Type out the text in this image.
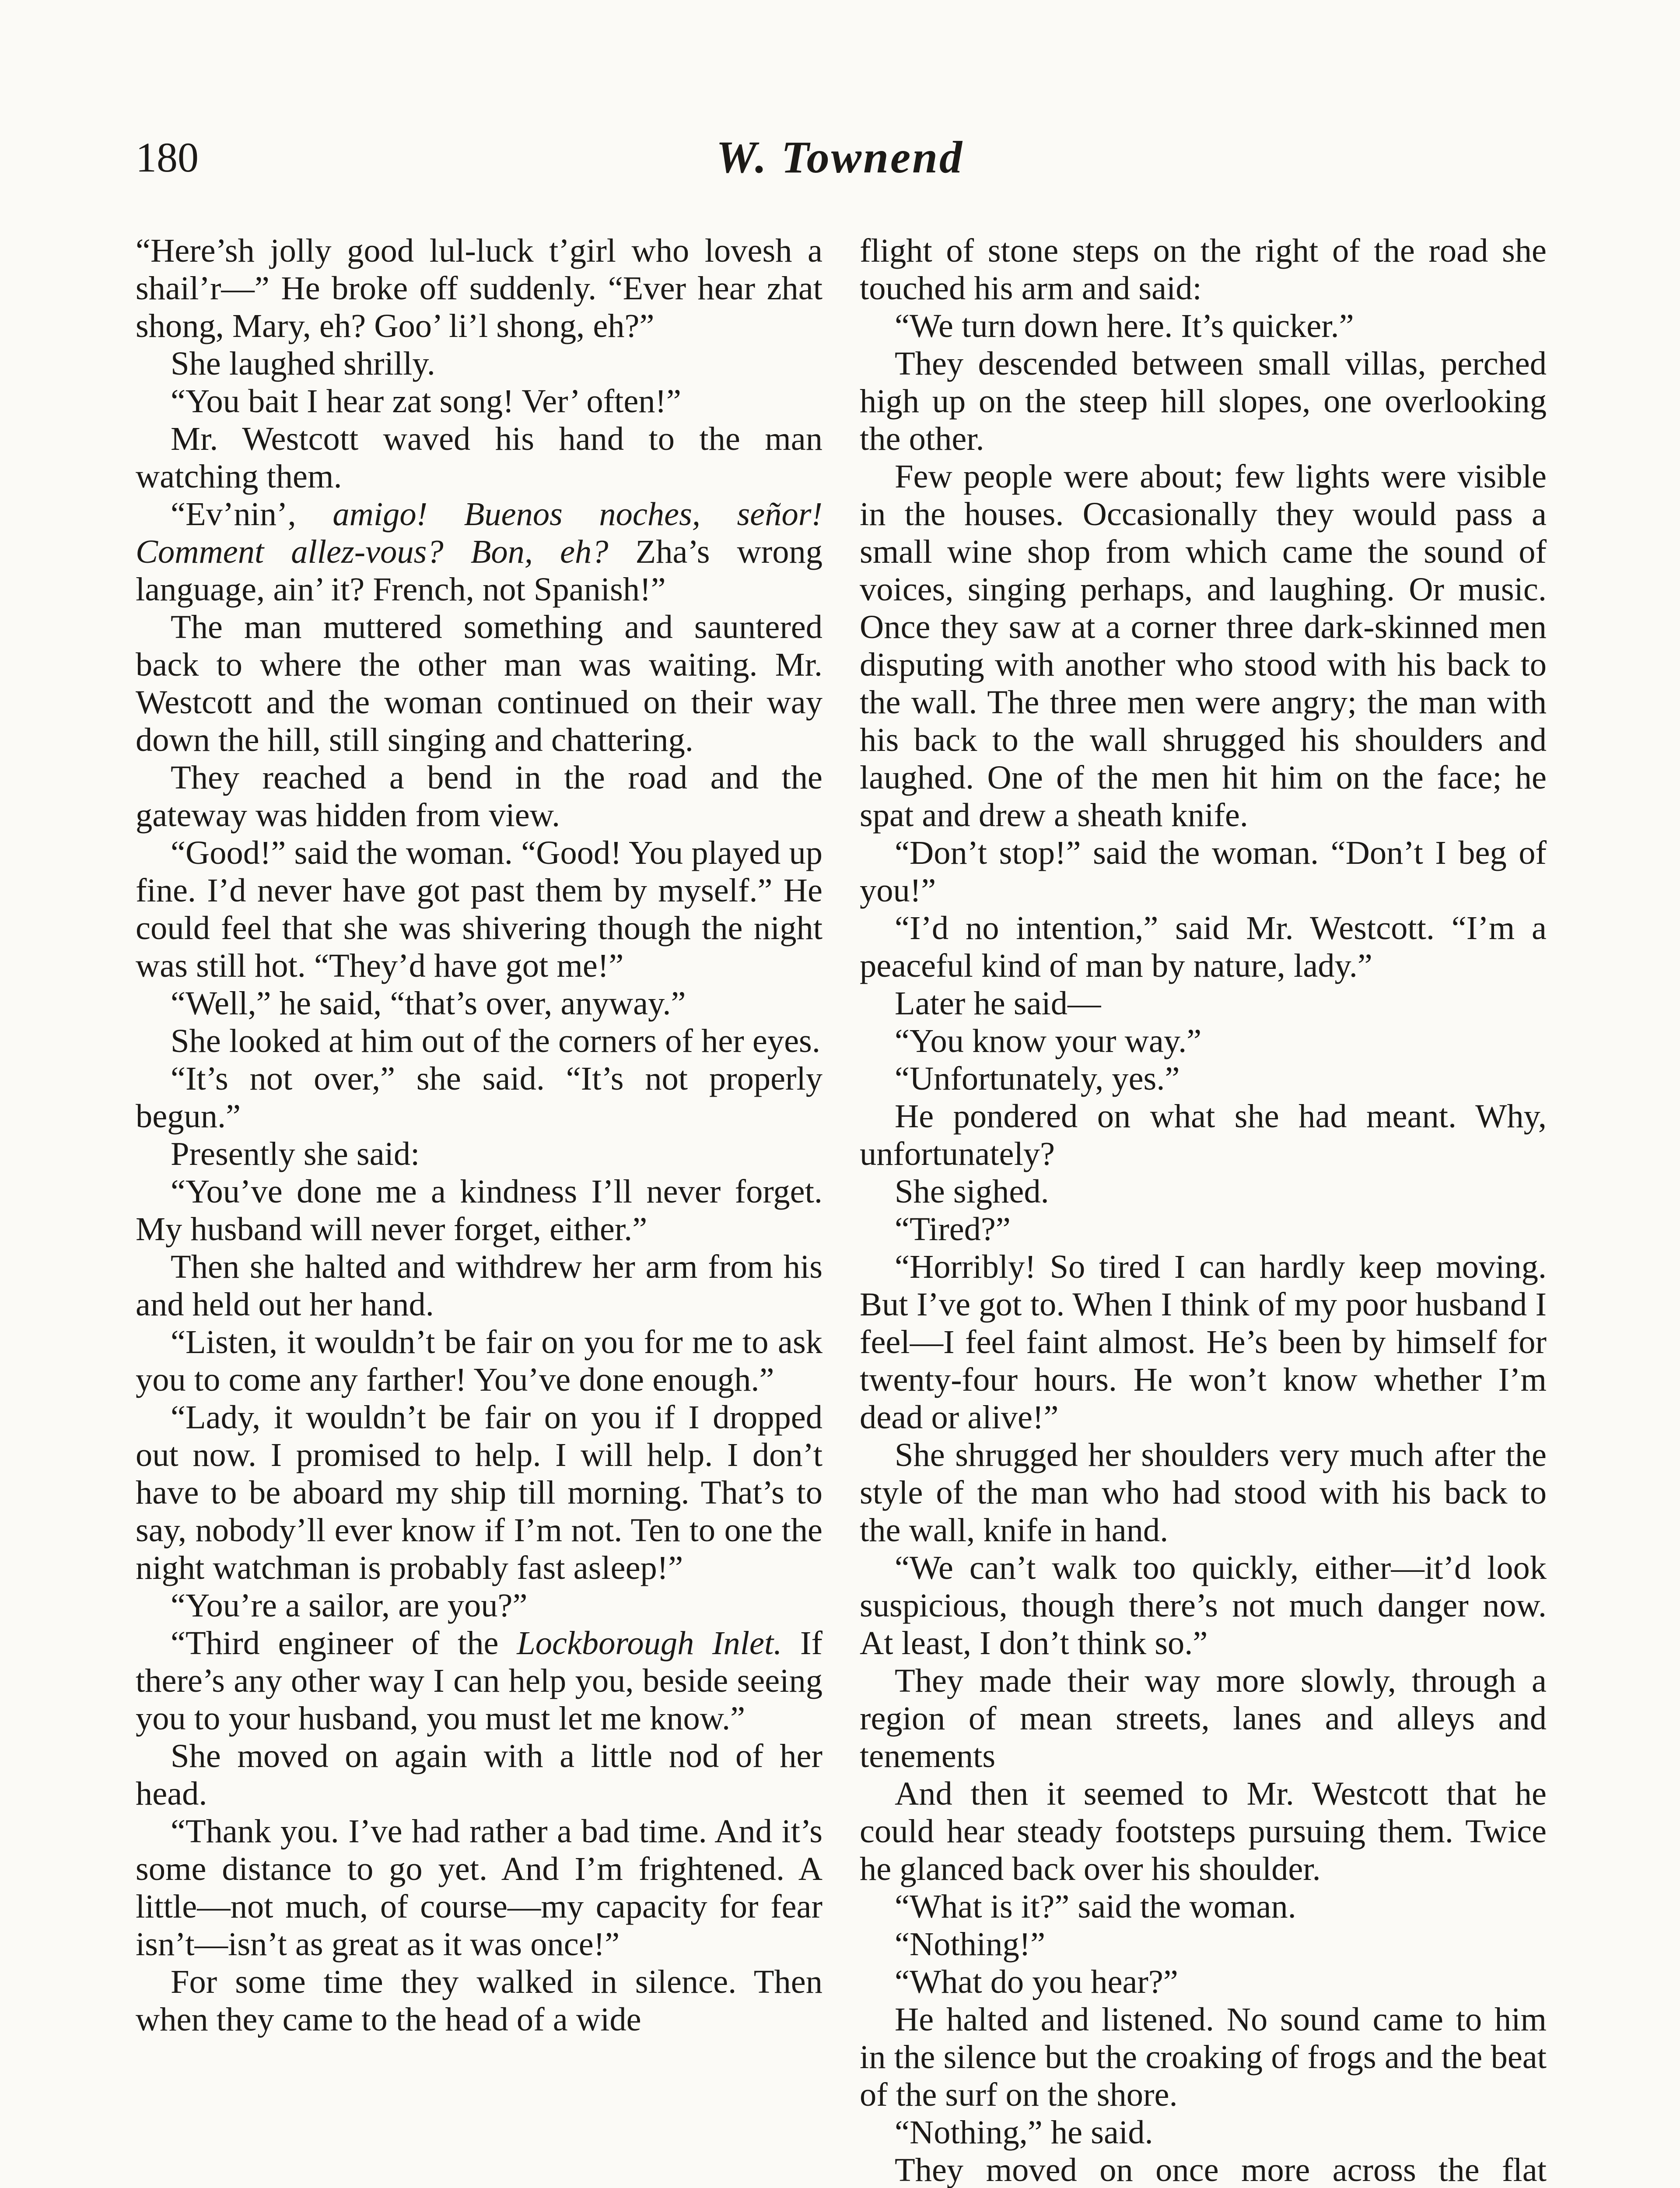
180	W. Townend

“Here’sh jolly good lul-luck t’girl who lovesh a shail’r—” He broke off suddenly. “Ever hear zhat shong, Mary, eh? Goo’ li’l shong, eh?”

She laughed shrilly.

“You bait I hear zat song! Ver’ often!”

Mr. Westcott waved his hand to the man watching them.

“Ev’nin’, amigo! Buenos noches, señor! Comment allez-vous? Bon, eh? Zha’s wrong language, ain’ it? French, not Spanish!”

The man muttered something and sauntered back to where the other man was waiting. Mr. Westcott and the woman continued on their way down the hill, still singing and chattering.

They reached a bend in the road and the gateway was hidden from view.

“Good!” said the woman. “Good! You played up fine. I’d never have got past them by myself.” He could feel that she was shivering though the night was still hot. “They’d have got me!”

“Well,” he said, “that’s over, anyway.”

She looked at him out of the corners of her eyes.

“It’s not over,” she said. “It’s not properly begun.”

Presently she said:

“You’ve done me a kindness I’ll never forget. My husband will never forget, either.”

Then she halted and withdrew her arm from his and held out her hand.

“Listen, it wouldn’t be fair on you for me to ask you to come any farther! You’ve done enough.”

“Lady, it wouldn’t be fair on you if I dropped out now. I promised to help. I will help. I don’t have to be aboard my ship till morning. That’s to say, nobody’ll ever know if I’m not. Ten to one the night watchman is probably fast asleep!”

“You’re a sailor, are you?”

“Third engineer of the Lockborough Inlet. If there’s any other way I can help you, beside seeing you to your husband, you must let me know.”

She moved on again with a little nod of her head.

“Thank you. I’ve had rather a bad time. And it’s some distance to go yet. And I’m frightened. A little—not much, of course—my capacity for fear isn’t—isn’t as great as it was once!”

For some time they walked in silence. Then when they came to the head of a wide

flight of stone steps on the right of the road she touched his arm and said:

“We turn down here. It’s quicker.”

They descended between small villas, perched high up on the steep hill slopes, one overlooking the other.

Few people were about; few lights were visible in the houses. Occasionally they would pass a small wine shop from which came the sound of voices, singing perhaps, and laughing. Or music. Once they saw at a corner three dark-skinned men disputing with another who stood with his back to the wall. The three men were angry; the man with his back to the wall shrugged his shoulders and laughed. One of the men hit him on the face; he spat and drew a sheath knife.

“Don’t stop!” said the woman. “Don’t I beg of you!”

“I’d no intention,” said Mr. Westcott. “I’m a peaceful kind of man by nature, lady.”

Later he said—

“You know your way.”

“Unfortunately, yes.”

He pondered on what she had meant. Why, unfortunately?

She sighed.

“Tired?”

“Horribly! So tired I can hardly keep moving. But I’ve got to. When I think of my poor husband I feel—I feel faint almost. He’s been by himself for twenty-four hours. He won’t know whether I’m dead or alive!”

She shrugged her shoulders very much after the style of the man who had stood with his back to the wall, knife in hand.

“We can’t walk too quickly, either—it’d look suspicious, though there’s not much danger now. At least, I don’t think so.”

They made their way more slowly, through a region of mean streets, lanes and alleys and tenements

And then it seemed to Mr. Westcott that he could hear steady footsteps pursuing them. Twice he glanced back over his shoulder.

“What is it?” said the woman.

“Nothing!”

“What do you hear?”

He halted and listened. No sound came to him in the silence but the croaking of frogs and the beat of the surf on the shore.

“Nothing,” he said.

They moved on once more across the flat
